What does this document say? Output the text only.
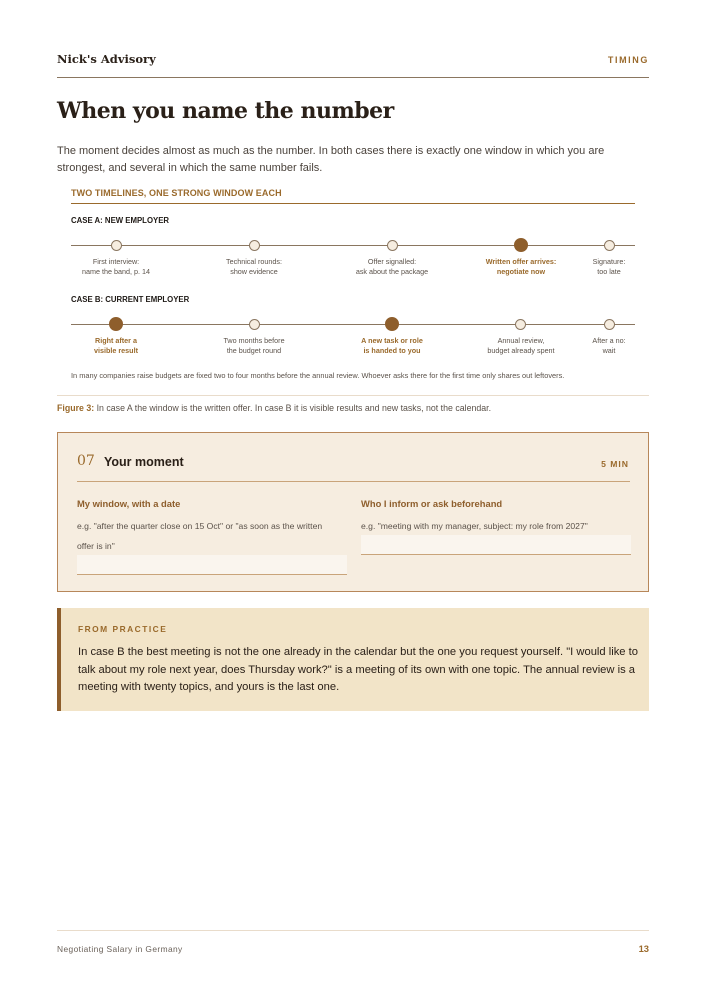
Nick's Advisory	TIMING
When you name the number

The moment decides almost as much as the number. In both cases there is exactly one window in which you are strongest, and several in which the same number fails.

TWO TIMELINES, ONE STRONG WINDOW EACH
CASE A: NEW EMPLOYER
First interview:
name the band, p. 14
Technical rounds:
show evidence
Offer signalled:
ask about the package
Written offer arrives:
negotiate now
Signature:
too late
CASE B: CURRENT EMPLOYER
Right after a
visible result
Two months before
the budget round
A new task or role
is handed to you
Annual review,
budget already spent
After a no:
wait
In many companies raise budgets are fixed two to four months before the annual review. Whoever asks there for the first time only shares out leftovers.

Figure 3: In case A the window is the written offer. In case B it is visible results and new tasks, not the calendar.

07 Your moment	5 MIN
My window, with a date
e.g. "after the quarter close on 15 Oct" or "as soon as the written offer is in"
Who I inform or ask beforehand
e.g. "meeting with my manager, subject: my role from 2027"
FROM PRACTICE

In case B the best meeting is not the one already in the calendar but the one you request yourself. "I would like to talk about my role next year, does Thursday work?" is a meeting of its own with one topic. The annual review is a meeting with twenty topics, and yours is the last one.

Negotiating Salary in Germany	13
